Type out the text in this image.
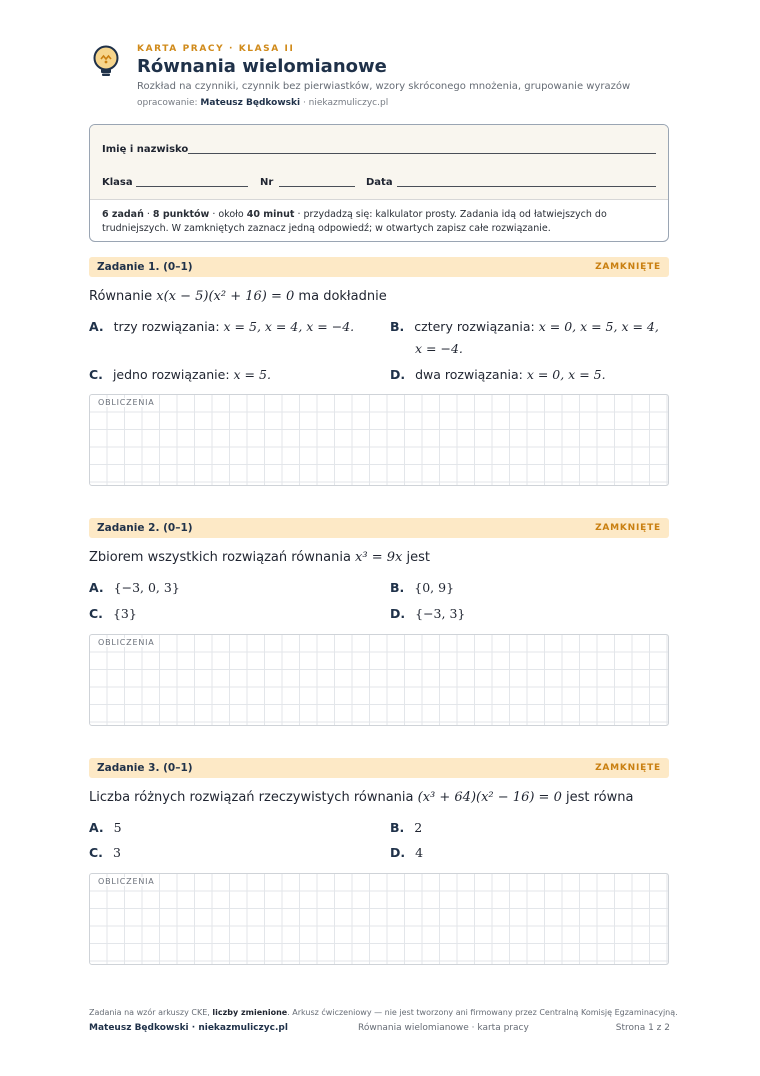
KARTA PRACY · KLASA II
Równania wielomianowe
Rozkład na czynniki, czynnik bez pierwiastków, wzory skróconego mnożenia, grupowanie wyrazów
opracowanie: Mateusz Będkowski · niekazmuliczyc.pl
Imię i nazwisko
Klasa	Nr	Data
6 zadań · 8 punktów · około 40 minut · przydadzą się: kalkulator prosty. Zadania idą od łatwiejszych do
trudniejszych. W zamkniętych zaznacz jedną odpowiedź; w otwartych zapisz całe rozwiązanie.
Zadanie 1. (0–1)	ZAMKNIĘTE
Równanie x(x − 5)(x² + 16) = 0 ma dokładnie
A. trzy rozwiązania: x = 5, x = 4, x = −4.	B. cztery rozwiązania: x = 0, x = 5, x = 4,
x = −4.
C. jedno rozwiązanie: x = 5.	D. dwa rozwiązania: x = 0, x = 5.
OBLICZENIA
Zadanie 2. (0–1)	ZAMKNIĘTE
Zbiorem wszystkich rozwiązań równania x³ = 9x jest
A. {−3, 0, 3}	B. {0, 9}
C. {3}	D. {−3, 3}
OBLICZENIA
Zadanie 3. (0–1)	ZAMKNIĘTE
Liczba różnych rozwiązań rzeczywistych równania (x³ + 64)(x² − 16) = 0 jest równa
A. 5	B. 2
C. 3	D. 4
OBLICZENIA
Zadania na wzór arkuszy CKE, liczby zmienione. Arkusz ćwiczeniowy — nie jest tworzony ani firmowany przez Centralną Komisję Egzaminacyjną.
Mateusz Będkowski · niekazmuliczyc.pl	Równania wielomianowe · karta pracy	Strona 1 z 2
